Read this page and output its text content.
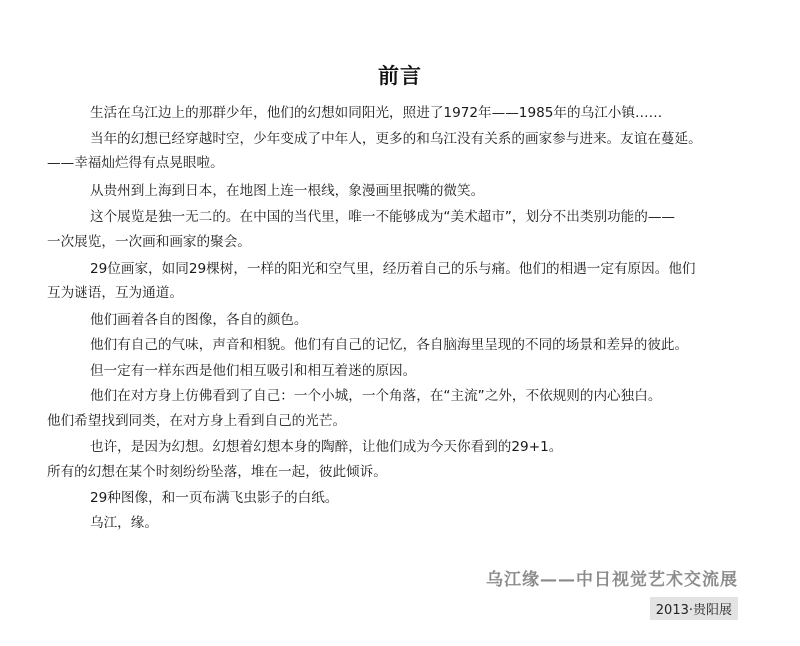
前言
生活在乌江边上的那群少年，他们的幻想如同阳光，照进了1972年——1985年的乌江小镇……
当年的幻想已经穿越时空，少年变成了中年人，更多的和乌江没有关系的画家参与进来。友谊在蔓延。
——幸福灿烂得有点晃眼啦。
从贵州到上海到日本，在地图上连一根线，象漫画里抿嘴的微笑。
这个展览是独一无二的。在中国的当代里，唯一不能够成为“美术超市”，划分不出类别功能的——
一次展览，一次画和画家的聚会。
29位画家，如同29棵树，一样的阳光和空气里，经历着自己的乐与痛。他们的相遇一定有原因。他们
互为谜语，互为通道。
他们画着各自的图像，各自的颜色。
他们有自己的气味，声音和相貌。他们有自己的记忆，各自脑海里呈现的不同的场景和差异的彼此。
但一定有一样东西是他们相互吸引和相互着迷的原因。
他们在对方身上仿佛看到了自己：一个小城，一个角落，在“主流”之外，不依规则的内心独白。
他们希望找到同类，在对方身上看到自己的光芒。
也许，是因为幻想。幻想着幻想本身的陶醉，让他们成为今天你看到的29+1。
所有的幻想在某个时刻纷纷坠落，堆在一起，彼此倾诉。
29种图像，和一页布满飞虫影子的白纸。
乌江，缘。
乌江缘——中日视觉艺术交流展
2013·贵阳展
